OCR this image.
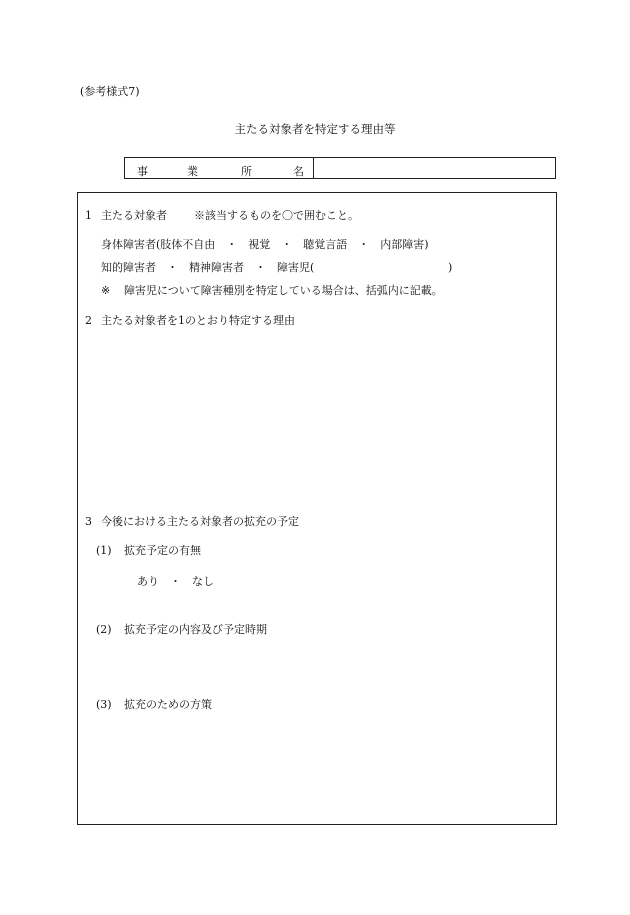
(参考様式7)
主たる対象者を特定する理由等
事	業	所	名
1 主たる対象者 ※該当するものを〇で囲むこと。
身体障害者(肢体不自由　・　視覚　・　聴覚言語　・　内部障害)
知的障害者　・　精神障害者　・　障害児(	)
※ 障害児について障害種別を特定している場合は、括弧内に記載。
2 主たる対象者を1のとおり特定する理由
3 今後における主たる対象者の拡充の予定
(1) 拡充予定の有無
あり　・　なし
(2) 拡充予定の内容及び予定時期
(3) 拡充のための方策
